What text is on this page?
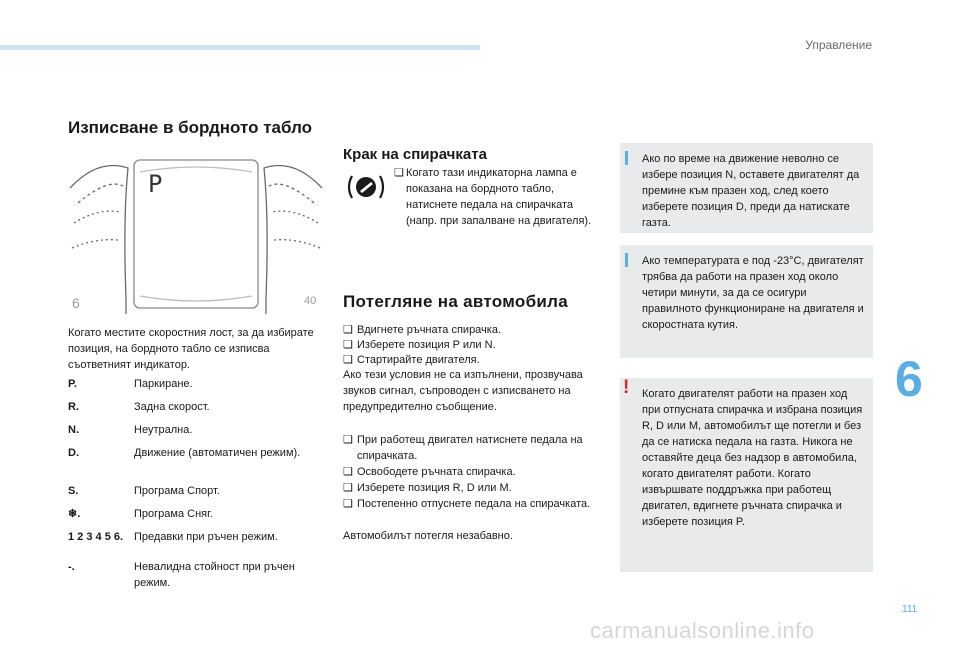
Управление
6
111
carmanualsonline.info
Изписване в бордното табло
6	40
P
Когато местите скоростния лост, за да избирате позиция, на бордното табло се изписва съответният индикатор.
P.	Паркиране.
R.	Задна скорост.
N.	Неутрална.
D.	Движение (автоматичен режим).
S.	Програма Спорт.
❄.	Програма Сняг.
1 2 3 4 5 6. Предавки при ръчен режим.
-.	Невалидна стойност при ръчен режим.
Крак на спирачката
❏ Когато тази индикаторна лампа е показана на бордното табло, натиснете педала на спирачката (напр. при запалване на двигателя).
Потегляне на автомобила
❏ Вдигнете ръчната спирачка.
❏ Изберете позиция P или N.
❏ Стартирайте двигателя.
Ако тези условия не са изпълнени, прозвучава звуков сигнал, съпроводен с изписването на предупредително съобщение.
❏ При работещ двигател натиснете педала на спирачката.
❏ Освободете ръчната спирачка.
❏ Изберете позиция R, D или M.
❏ Постепенно отпуснете педала на спирачката.
Автомобилът потегля незабавно.
Ако по време на движение неволно се избере позиция N, оставете двигателят да премине към празен ход, след което изберете позиция D, преди да натискате газта.
Ако температурата е под -23°C, двигателят трябва да работи на празен ход около четири минути, за да се осигури правилното функциониране на двигателя и скоростната кутия.
! Когато двигателят работи на празен ход при отпусната спирачка и избрана позиция R, D или M, автомобилът ще потегли и без да се натиска педала на газта. Никога не оставяйте деца без надзор в автомобила, когато двигателят работи. Когато извършвате поддръжка при работещ двигател, вдигнете ръчната спирачка и изберете позиция P.
